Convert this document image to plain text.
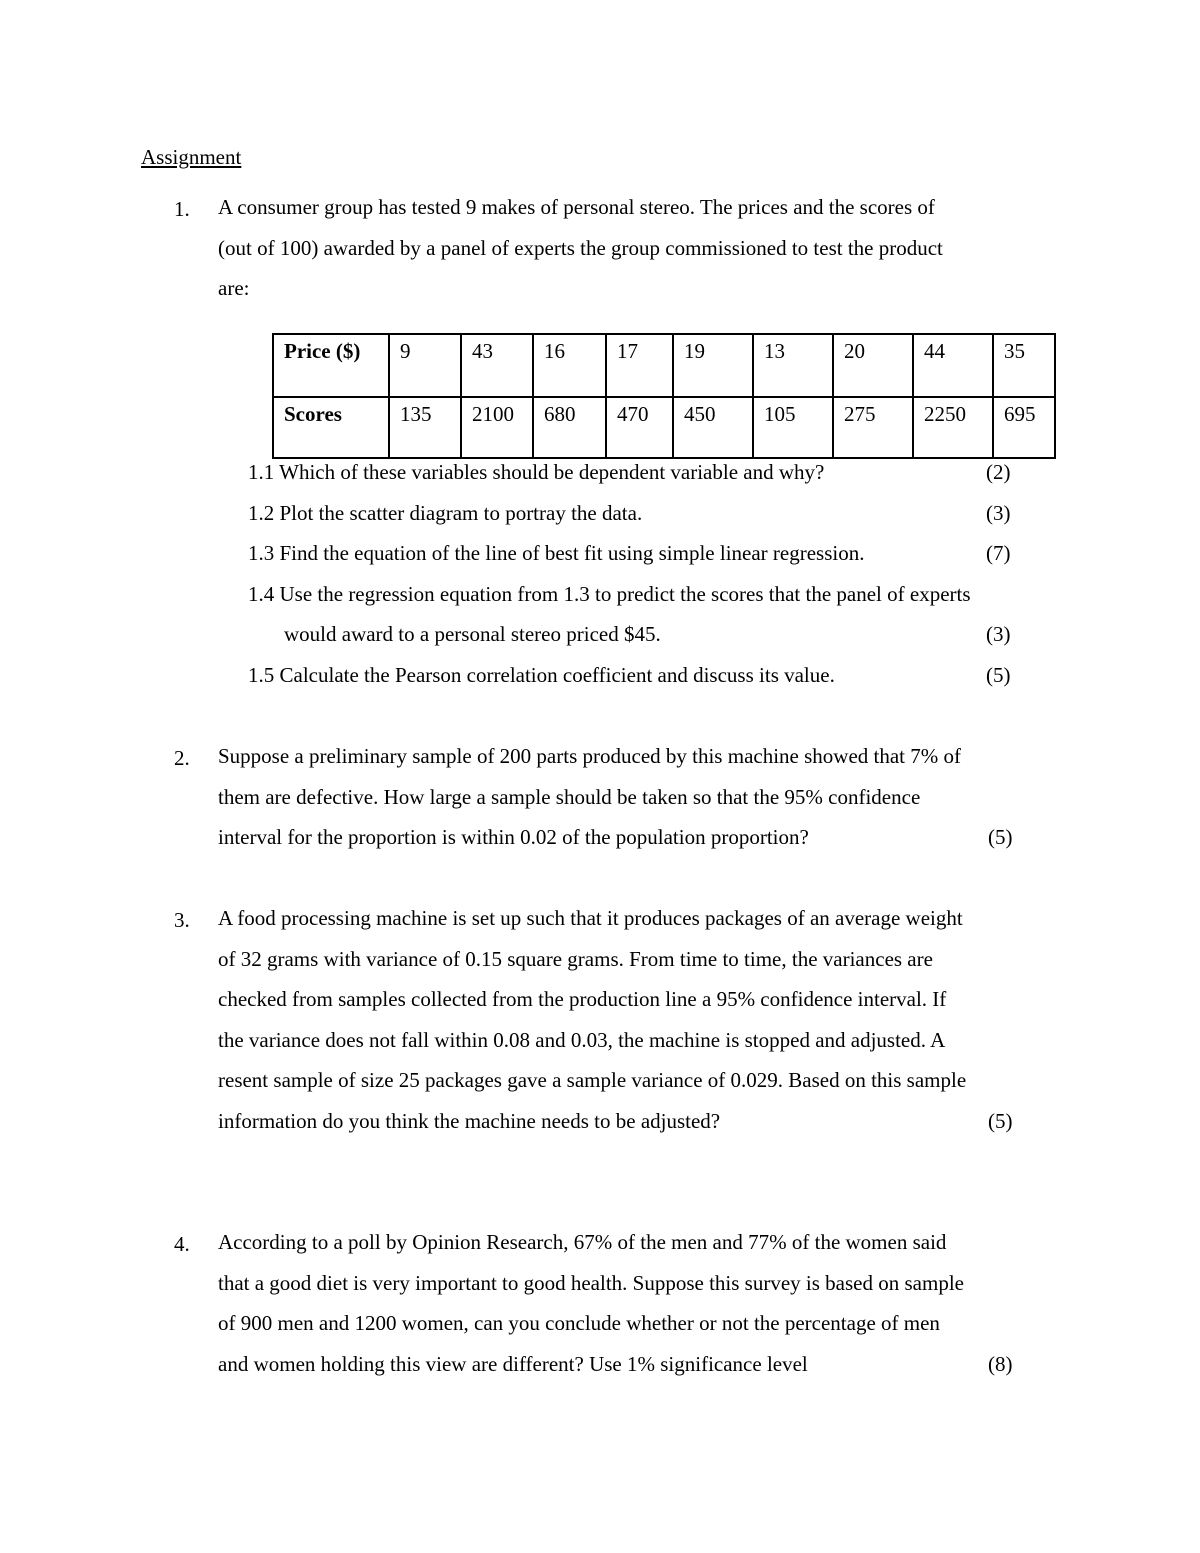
Assignment
1. A consumer group has tested 9 makes of personal stereo. The prices and the scores of
(out of 100) awarded by a panel of experts the group commissioned to test the product
are:
Price ($)	9	43	16	17	19	13	20	44	35
Scores	135	2100	680	470	450	105	275	2250	695
1.1 Which of these variables should be dependent variable and why?	(2)
1.2 Plot the scatter diagram to portray the data.	(3)
1.3 Find the equation of the line of best fit using simple linear regression.	(7)
1.4 Use the regression equation from 1.3 to predict the scores that the panel of experts
would award to a personal stereo priced $45.	(3)
1.5 Calculate the Pearson correlation coefficient and discuss its value.	(5)
2. Suppose a preliminary sample of 200 parts produced by this machine showed that 7% of
them are defective. How large a sample should be taken so that the 95% confidence
interval for the proportion is within 0.02 of the population proportion?	(5)
3. A food processing machine is set up such that it produces packages of an average weight
of 32 grams with variance of 0.15 square grams. From time to time, the variances are
checked from samples collected from the production line a 95% confidence interval. If
the variance does not fall within 0.08 and 0.03, the machine is stopped and adjusted. A
resent sample of size 25 packages gave a sample variance of 0.029. Based on this sample
information do you think the machine needs to be adjusted?	(5)
4. According to a poll by Opinion Research, 67% of the men and 77% of the women said
that a good diet is very important to good health. Suppose this survey is based on sample
of 900 men and 1200 women, can you conclude whether or not the percentage of men
and women holding this view are different? Use 1% significance level	(8)
